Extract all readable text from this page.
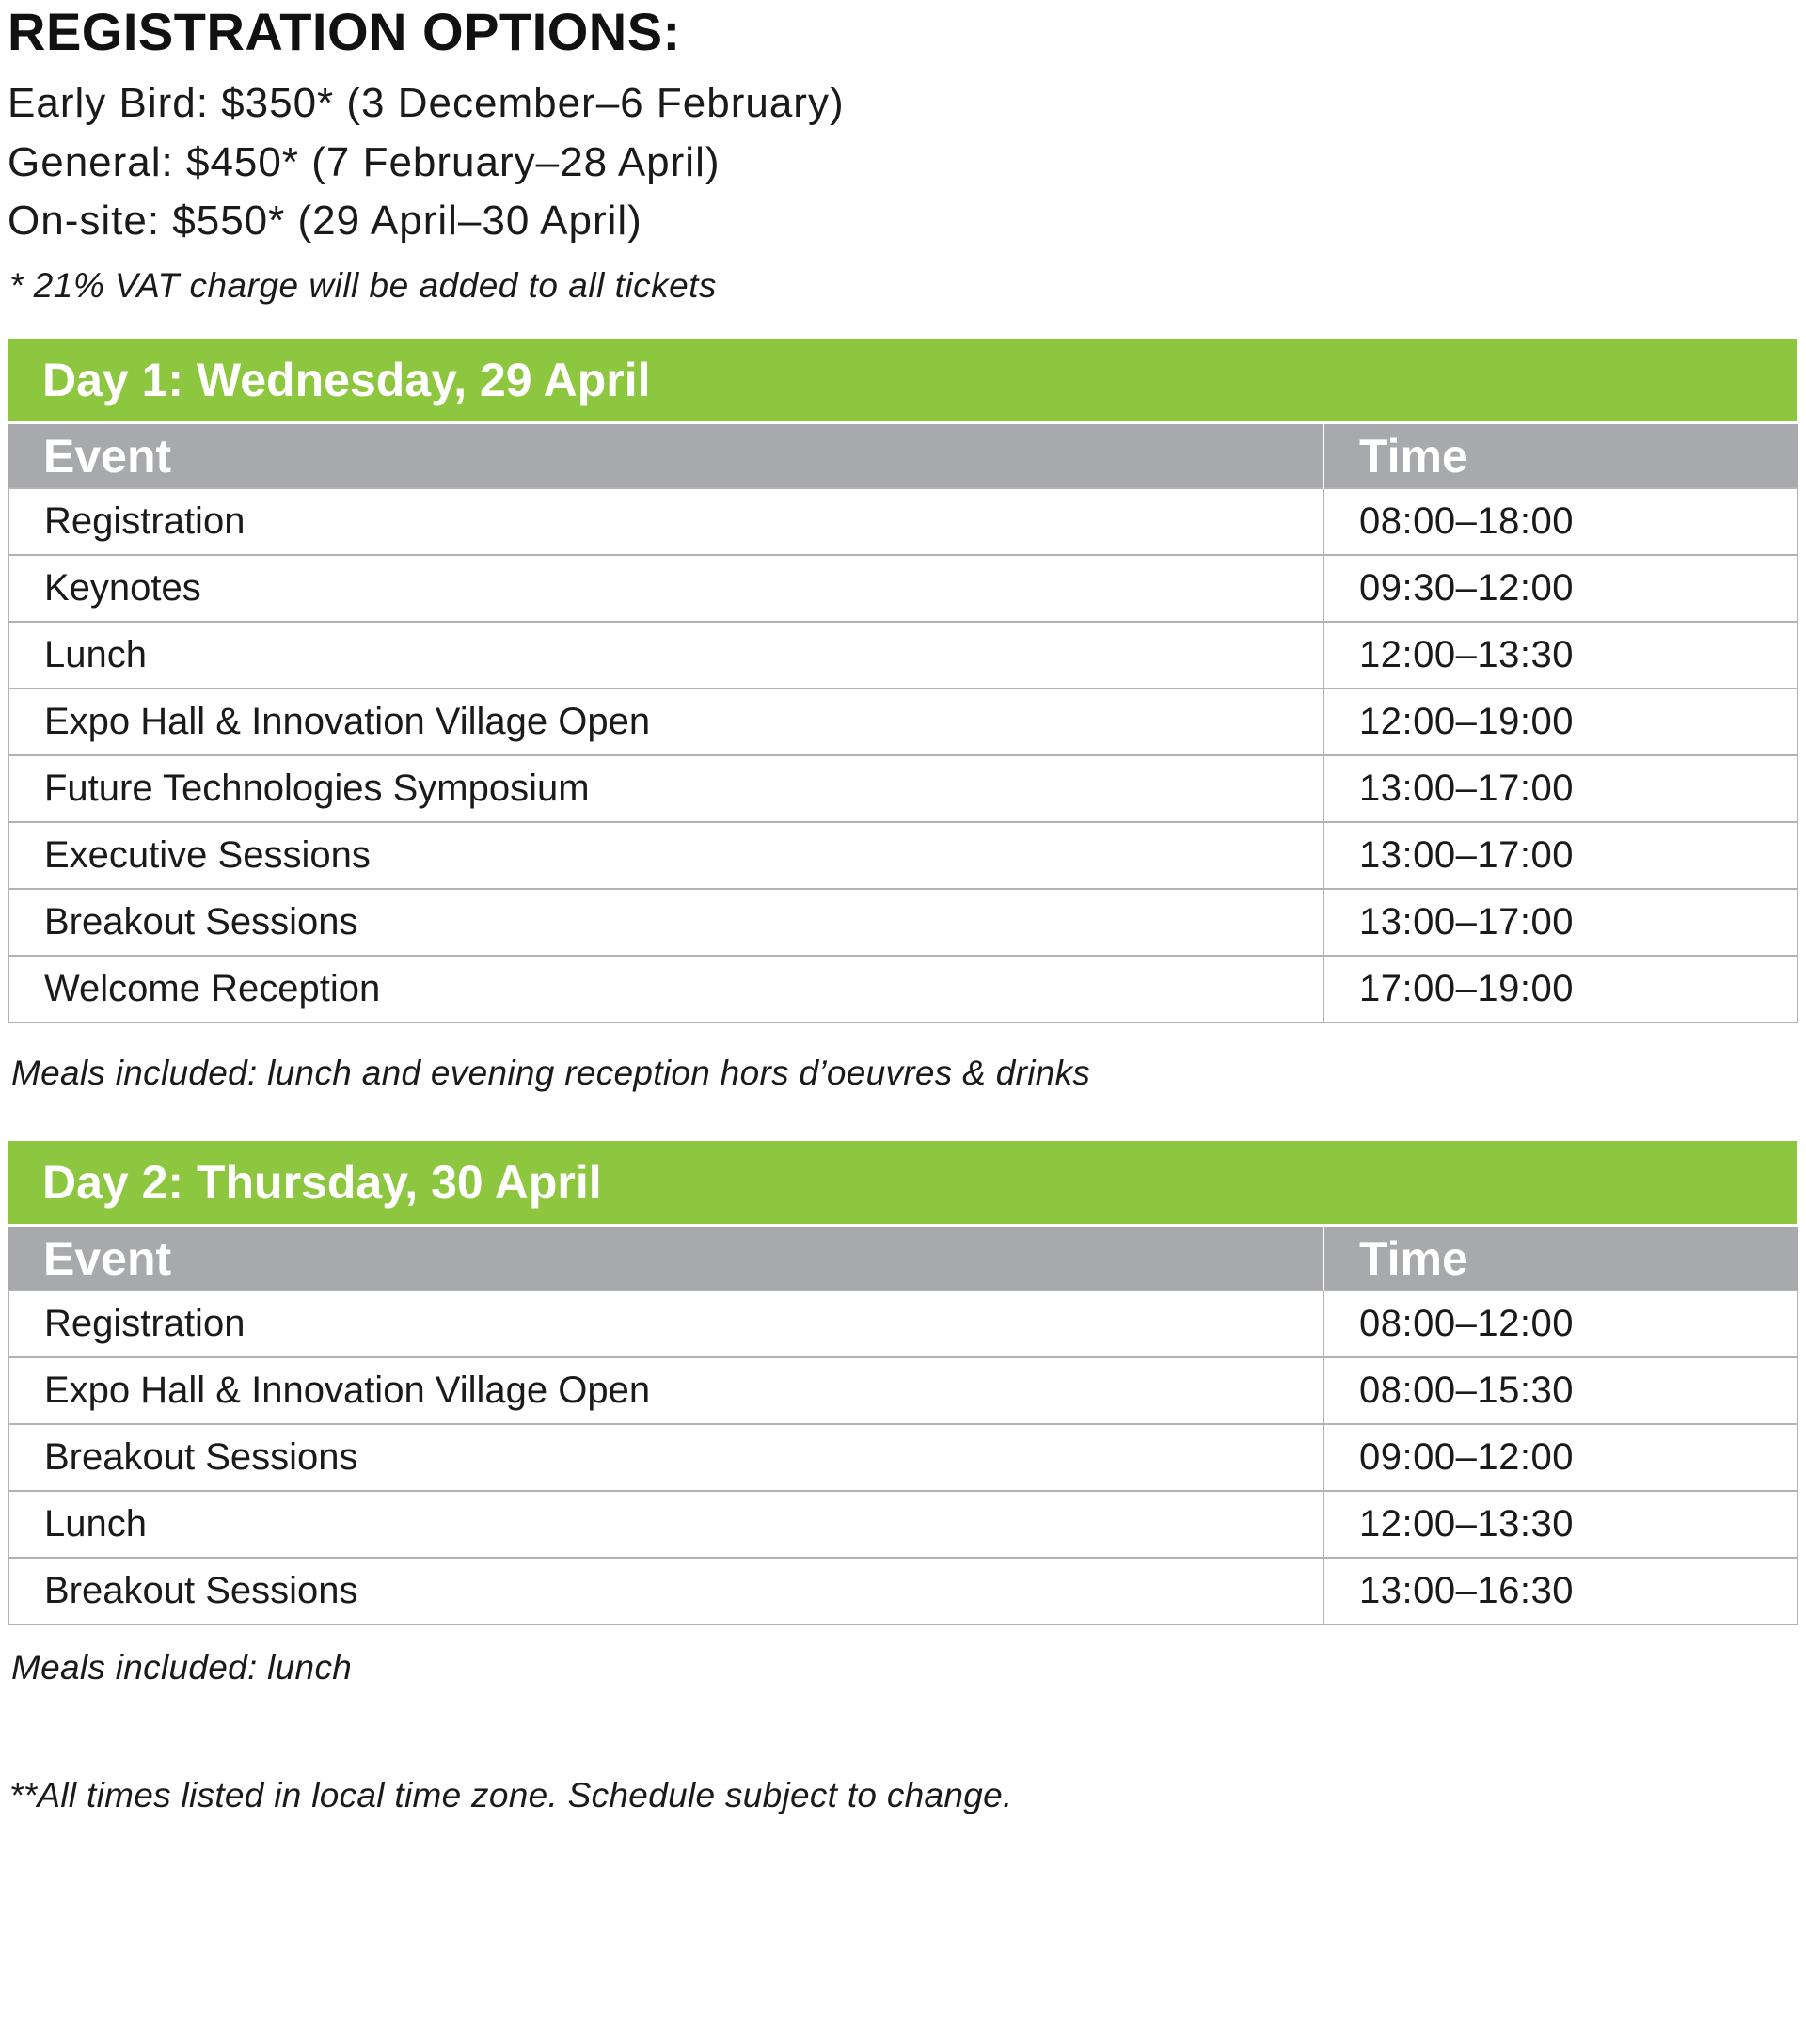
REGISTRATION OPTIONS:

Early Bird: $350* (3 December–6 February)

General: $450* (7 February–28 April)

On-site: $550* (29 April–30 April)

* 21% VAT charge will be added to all tickets

Day 1: Wednesday, 29 April
Event	Time
Registration	08:00–18:00
Keynotes	09:30–12:00
Lunch	12:00–13:30
Expo Hall & Innovation Village Open	12:00–19:00
Future Technologies Symposium	13:00–17:00
Executive Sessions	13:00–17:00
Breakout Sessions	13:00–17:00
Welcome Reception	17:00–19:00

Meals included: lunch and evening reception hors d’oeuvres & drinks

Day 2: Thursday, 30 April
Event	Time
Registration	08:00–12:00
Expo Hall & Innovation Village Open	08:00–15:30
Breakout Sessions	09:00–12:00
Lunch	12:00–13:30
Breakout Sessions	13:00–16:30

Meals included: lunch

**All times listed in local time zone. Schedule subject to change.
